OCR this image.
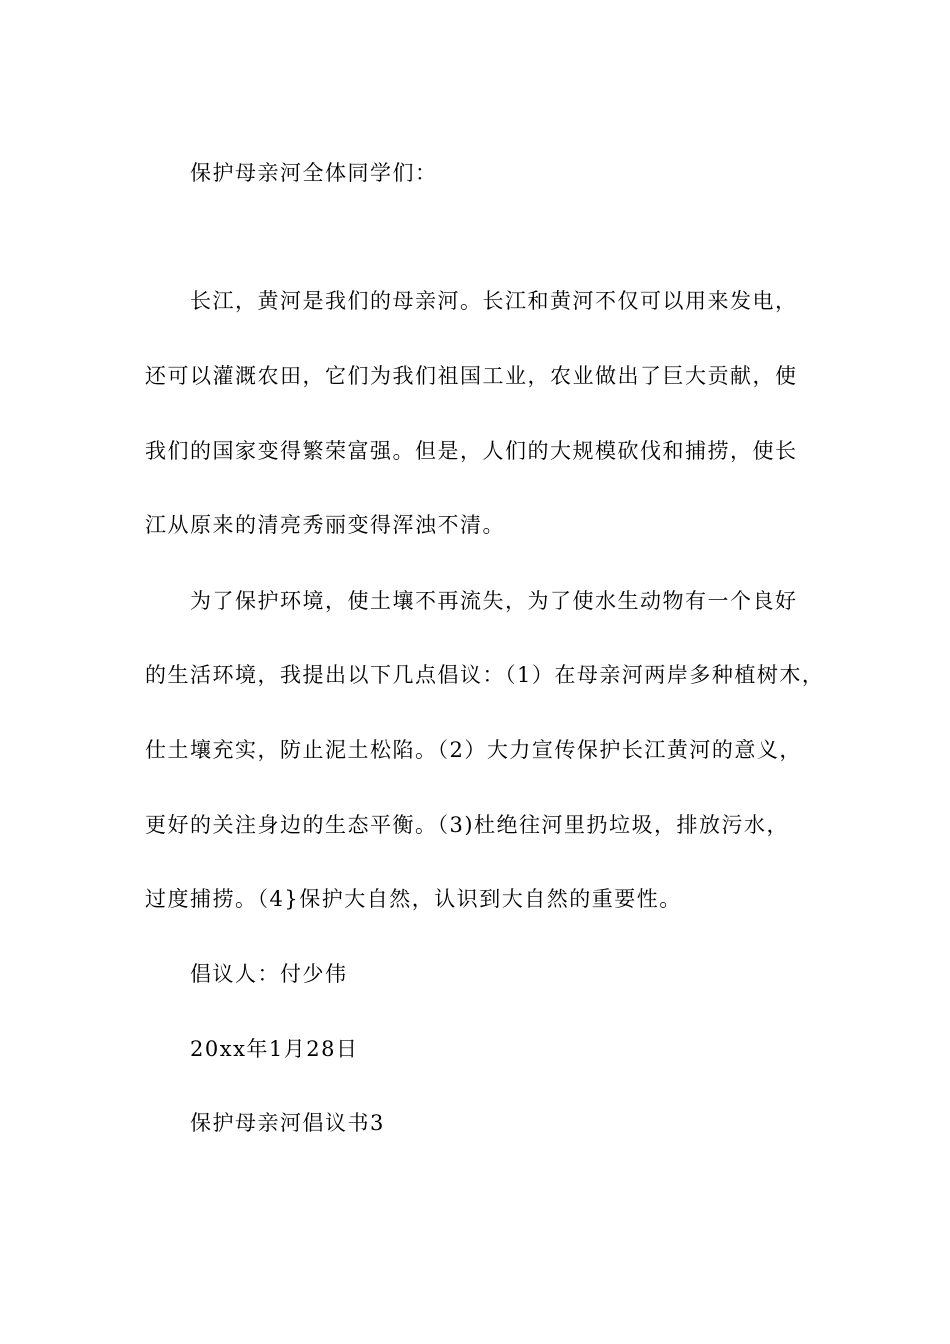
保护母亲河全体同学们：
长江，黄河是我们的母亲河。长江和黄河不仅可以用来发电，
还可以灌溉农田，它们为我们祖国工业，农业做出了巨大贡献，使
我们的国家变得繁荣富强。但是，人们的大规模砍伐和捕捞，使长
江从原来的清亮秀丽变得浑浊不清。
为了保护环境，使土壤不再流失，为了使水生动物有一个良好
的生活环境，我提出以下几点倡议：（1）在母亲河两岸多种植树木，
仕土壤充实，防止泥土松陷。（2）大力宣传保护长江黄河的意义，
更好的关注身边的生态平衡。（3)杜绝往河里扔垃圾，排放污水，
过度捕捞。（4}保护大自然，认识到大自然的重要性。
倡议人：付少伟
20xx年1月28日
保护母亲河倡议书3
